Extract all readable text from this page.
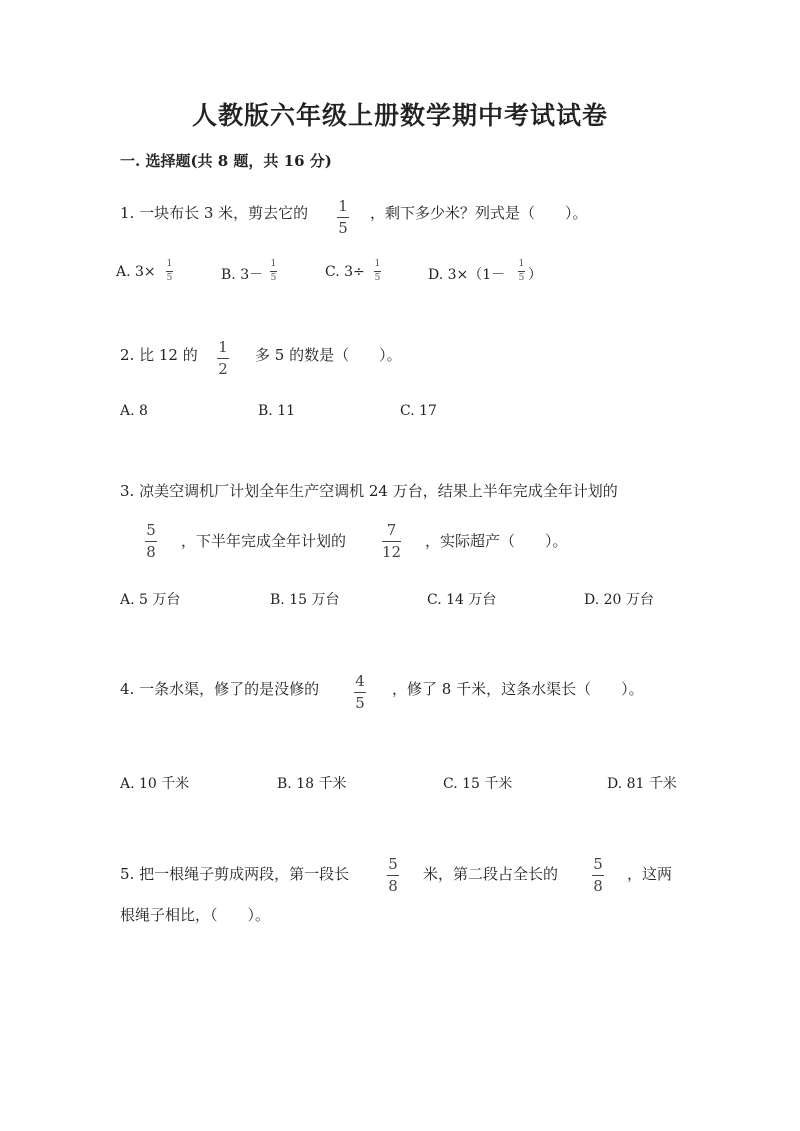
人教版六年级上册数学期中考试试卷
一. 选择题(共 8 题，共 16 分)
1. 一块布长 3 米，剪去它的 1
5
，剩下多少米？列式是（　　）。
A. 3× 1
5	B. 3－
1
5	C. 3÷ 1
5	D. 3×（1－
1
5 ）
2. 比 12 的 1
2
多 5 的数是（　　）。
A. 8	B. 11	C. 17
3. 凉美空调机厂计划全年生产空调机 24 万台，结果上半年完成全年计划的
5
8
，下半年完成全年计划的
7
12
，实际超产（　　）。
A. 5 万台	B. 15 万台	C. 14 万台	D. 20 万台
4. 一条水渠，修了的是没修的 4
5
，修了 8 千米，这条水渠长（　　）。
A. 10 千米	B. 18 千米	C. 15 千米	D. 81 千米
5. 把一根绳子剪成两段，第一段长
5
8
米，第二段占全长的
5
8
，这两
根绳子相比，（　　）。
